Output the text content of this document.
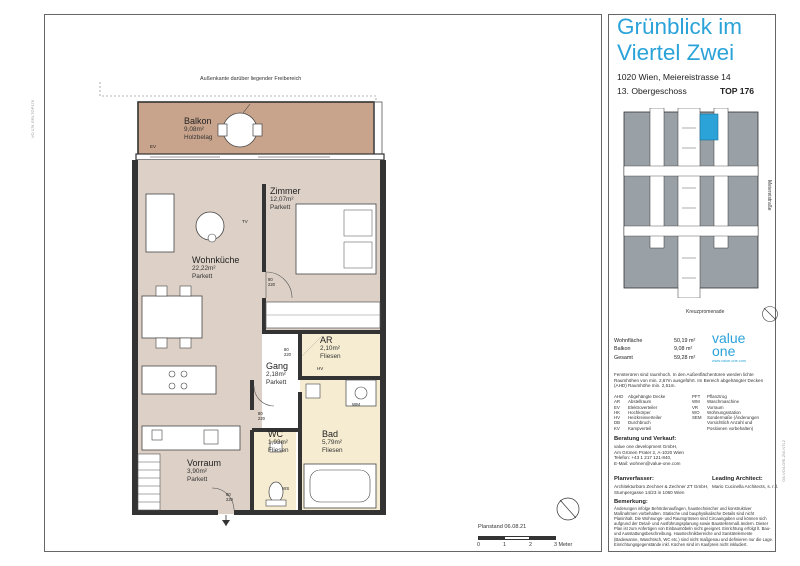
VO 176-GRI-TOP176
G8-VO4-GRI-ZW-NTL2
Außenkante darüber liegender Freibereich
Balkon
9,08m²
Holzbelag
Zimmer
12,07m²
Parkett
Wohnküche
22,22m²
Parkett
AR
2,10m²
Fliesen
Gang
2,18m²
Parkett
WC
1,93m²
Fliesen
Bad
5,79m²
Fliesen
Vorraum
3,90m²
Parkett
EV
TV
WM
HV
WS
80
220
80
220
80
220
80
220
Planstand 06.08.21
0	1	2	3 Meter
Grünblick im
Viertel Zwei
1020 Wien, Meiereistrasse 14
13. Obergeschoss	TOP 176
Meiereistraße
Kreuzpromenade
Wohnfläche	50,19 m²
Balkon	9,08 m²
Gesamt	59,28 m²
value
one
www.value-one.com
Fensterüren sind raumhoch. In den Außenflächentüren werden lichte Raumhöhen von min. 2,67m ausgeführt. Im Bereich abgehängter Decken (AHD) Raumhöhe min. 2,51m.
AHD	Abgehängte Decke
AR	Abstellraum
EV	Elektroverteiler
HK	Hochkörper
HV	Heizkreisverteiler
DB	Durchbruch
KV	Kampverteil
PFT	Pflanztrog
WM	Waschmaschine
VR	Vorraum
WO	Wohnungsstation
SEM	Sondermaße (Änderungen
Vorsichtlich Anzahl und
Positionen vorbehalten)
Beratung und Verkauf:
value one development GmbH,
Am Grünen Prater 2, A-1020 Wien
Telefon: +43 1 217 121-840,
E-Mail: wohnen@value-one.com
Planverfasser:
Architekturbüro Zechner & Zechner ZT GmbH,
Stumpergasse 14/23 in 1060 Wien
Leading Architect:
Mario Cucinella Architects, s. r. l.
Bemerkung:
Änderungen infolge Behördenauflagen, haustechnischer und konstruktiver Maßnahmen vorbehalten. Statische und bauphysikalische Details sind nicht Planinhalt. Die Wohnungs- und Raumgrössen sind Circaangaben und können sich aufgrund der Detail- und Ausführungsplanung sowie Baustellenmaß ändern. Dieser Plan ist zum Anfertigen von Einbaumöbeln nicht geeignet. Einrichtung erfolgt lt. Bau- und Ausstattungsbeschreibung. Haustechnikbereiche und Sanitärelemente (Badewanne, Waschtisch, WC etc.) sind nicht maßgenau und definieren nur die Lage. Einrichtungsgegenstände inkl. Küchen sind im Kaufpreis nicht inkludiert.
